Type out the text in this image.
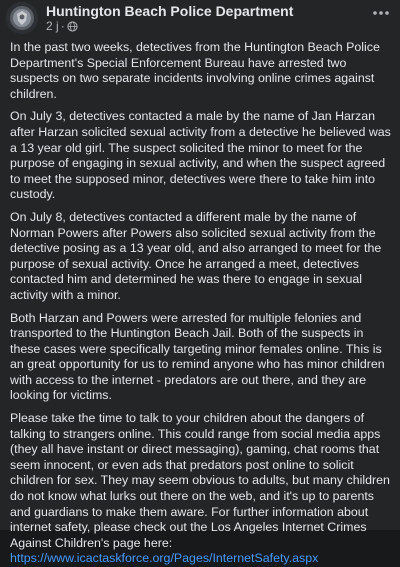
Huntington Beach Police Department
2 j ·

In the past two weeks, detectives from the Huntington Beach Police Department's Special Enforcement Bureau have arrested two suspects on two separate incidents involving online crimes against children.

On July 3, detectives contacted a male by the name of Jan Harzan after Harzan solicited sexual activity from a detective he believed was a 13 year old girl. The suspect solicited the minor to meet for the purpose of engaging in sexual activity, and when the suspect agreed to meet the supposed minor, detectives were there to take him into custody.

On July 8, detectives contacted a different male by the name of Norman Powers after Powers also solicited sexual activity from the detective posing as a 13 year old, and also arranged to meet for the purpose of sexual activity. Once he arranged a meet, detectives contacted him and determined he was there to engage in sexual activity with a minor.

Both Harzan and Powers were arrested for multiple felonies and transported to the Huntington Beach Jail. Both of the suspects in these cases were specifically targeting minor females online. This is an great opportunity for us to remind anyone who has minor children with access to the internet - predators are out there, and they are looking for victims.

Please take the time to talk to your children about the dangers of talking to strangers online. This could range from social media apps (they all have instant or direct messaging), gaming, chat rooms that seem innocent, or even ads that predators post online to solicit children for sex. They may seem obvious to adults, but many children do not know what lurks out there on the web, and it's up to parents and guardians to make them aware. For further information about internet safety, please check out the Los Angeles Internet Crimes Against Children's page here:
https://www.icactaskforce.org/Pages/InternetSafety.aspx
